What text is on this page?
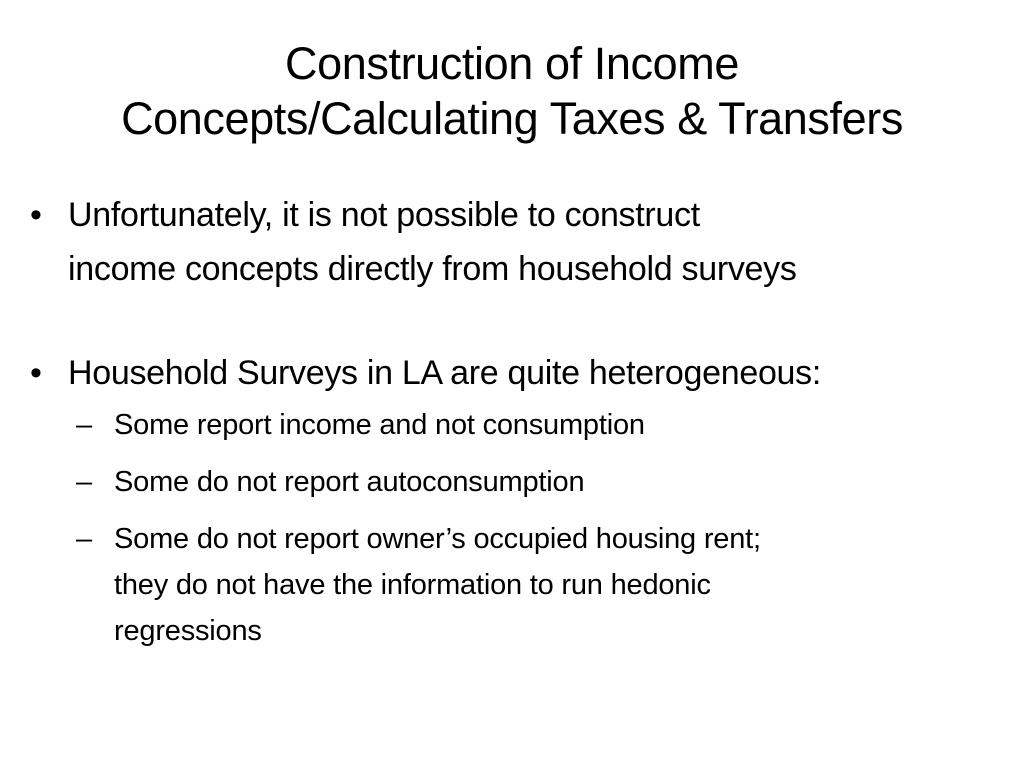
Construction of Income
Concepts/Calculating Taxes & Transfers
• Unfortunately, it is not possible to construct
income concepts directly from household surveys
• Household Surveys in LA are quite heterogeneous:
– Some report income and not consumption
– Some do not report autoconsumption
– Some do not report owner’s occupied housing rent;
they do not have the information to run hedonic
regressions
